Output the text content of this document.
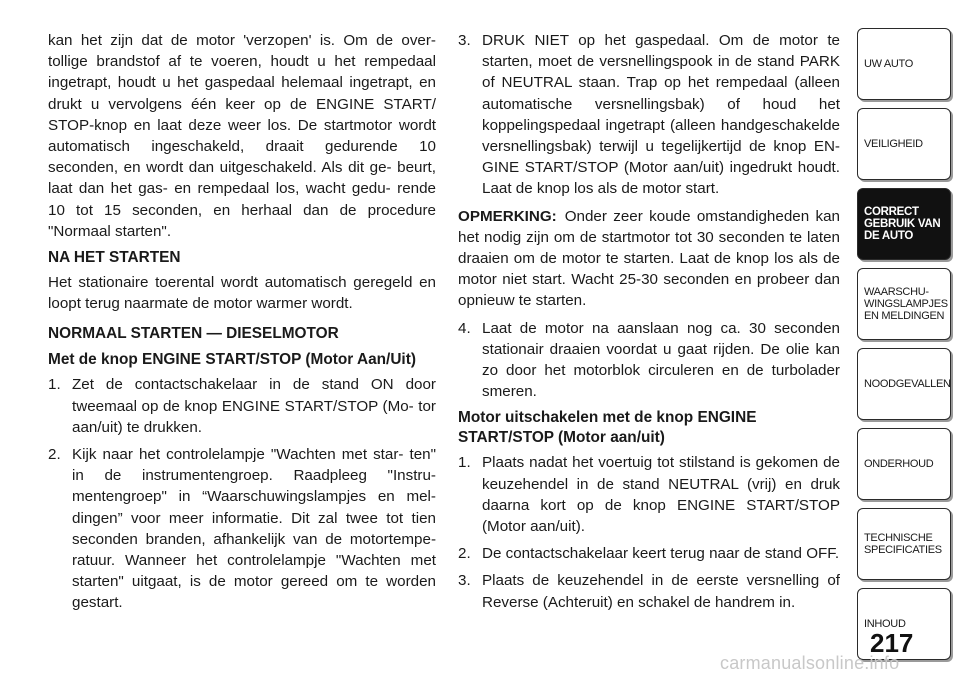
kan het zijn dat de motor 'verzopen' is. Om de over- tollige brandstof af te voeren, houdt u het rempedaal ingetrapt, houdt u het gaspedaal helemaal ingetrapt, en drukt u vervolgens één keer op de ENGINE START/ STOP-knop en laat deze weer los. De startmotor wordt automatisch ingeschakeld, draait gedurende 10 seconden, en wordt dan uitgeschakeld. Als dit ge- beurt, laat dan het gas- en rempedaal los, wacht gedu- rende 10 tot 15 seconden, en herhaal dan de procedure "Normaal starten".

NA HET STARTEN

Het stationaire toerental wordt automatisch geregeld en loopt terug naarmate de motor warmer wordt.

NORMAAL STARTEN — DIESELMOTOR
Met de knop ENGINE START/STOP (Motor Aan/Uit)
1. Zet de contactschakelaar in de stand ON door tweemaal op de knop ENGINE START/STOP (Mo- tor aan/uit) te drukken.
2. Kijk naar het controlelampje "Wachten met star- ten" in de instrumentengroep. Raadpleeg "Instru- mentengroep" in “Waarschuwingslampjes en mel- dingen” voor meer informatie. Dit zal twee tot tien seconden branden, afhankelijk van de motortempe- ratuur. Wanneer het controlelampje "Wachten met starten" uitgaat, is de motor gereed om te worden gestart.
3. DRUK NIET op het gaspedaal. Om de motor te starten, moet de versnellingspook in de stand PARK of NEUTRAL staan. Trap op het rempedaal (alleen automatische versnellingsbak) of houd het koppelingspedaal ingetrapt (alleen handgeschakelde versnellingsbak) terwijl u tegelijkertijd de knop EN- GINE START/STOP (Motor aan/uit) ingedrukt houdt. Laat de knop los als de motor start.

OPMERKING: Onder zeer koude omstandigheden kan het nodig zijn om de startmotor tot 30 seconden te laten draaien om de motor te starten. Laat de knop los als de motor niet start. Wacht 25-30 seconden en probeer dan opnieuw te starten.

4. Laat de motor na aanslaan nog ca. 30 seconden stationair draaien voordat u gaat rijden. De olie kan zo door het motorblok circuleren en de turbolader smeren.
Motor uitschakelen met de knop ENGINE START/STOP (Motor aan/uit)
1. Plaats nadat het voertuig tot stilstand is gekomen de keuzehendel in de stand NEUTRAL (vrij) en druk daarna kort op de knop ENGINE START/STOP (Motor aan/uit).
2. De contactschakelaar keert terug naar de stand OFF.
3. Plaats de keuzehendel in de eerste versnelling of Reverse (Achteruit) en schakel de handrem in.
UW AUTO
VEILIGHEID
CORRECT
GEBRUIK VAN
DE AUTO
WAARSCHU-
WINGSLAMPJES
EN MELDINGEN
NOODGEVALLEN
ONDERHOUD
TECHNISCHE
SPECIFICATIES
INHOUD
217
carmanualsonline.info
